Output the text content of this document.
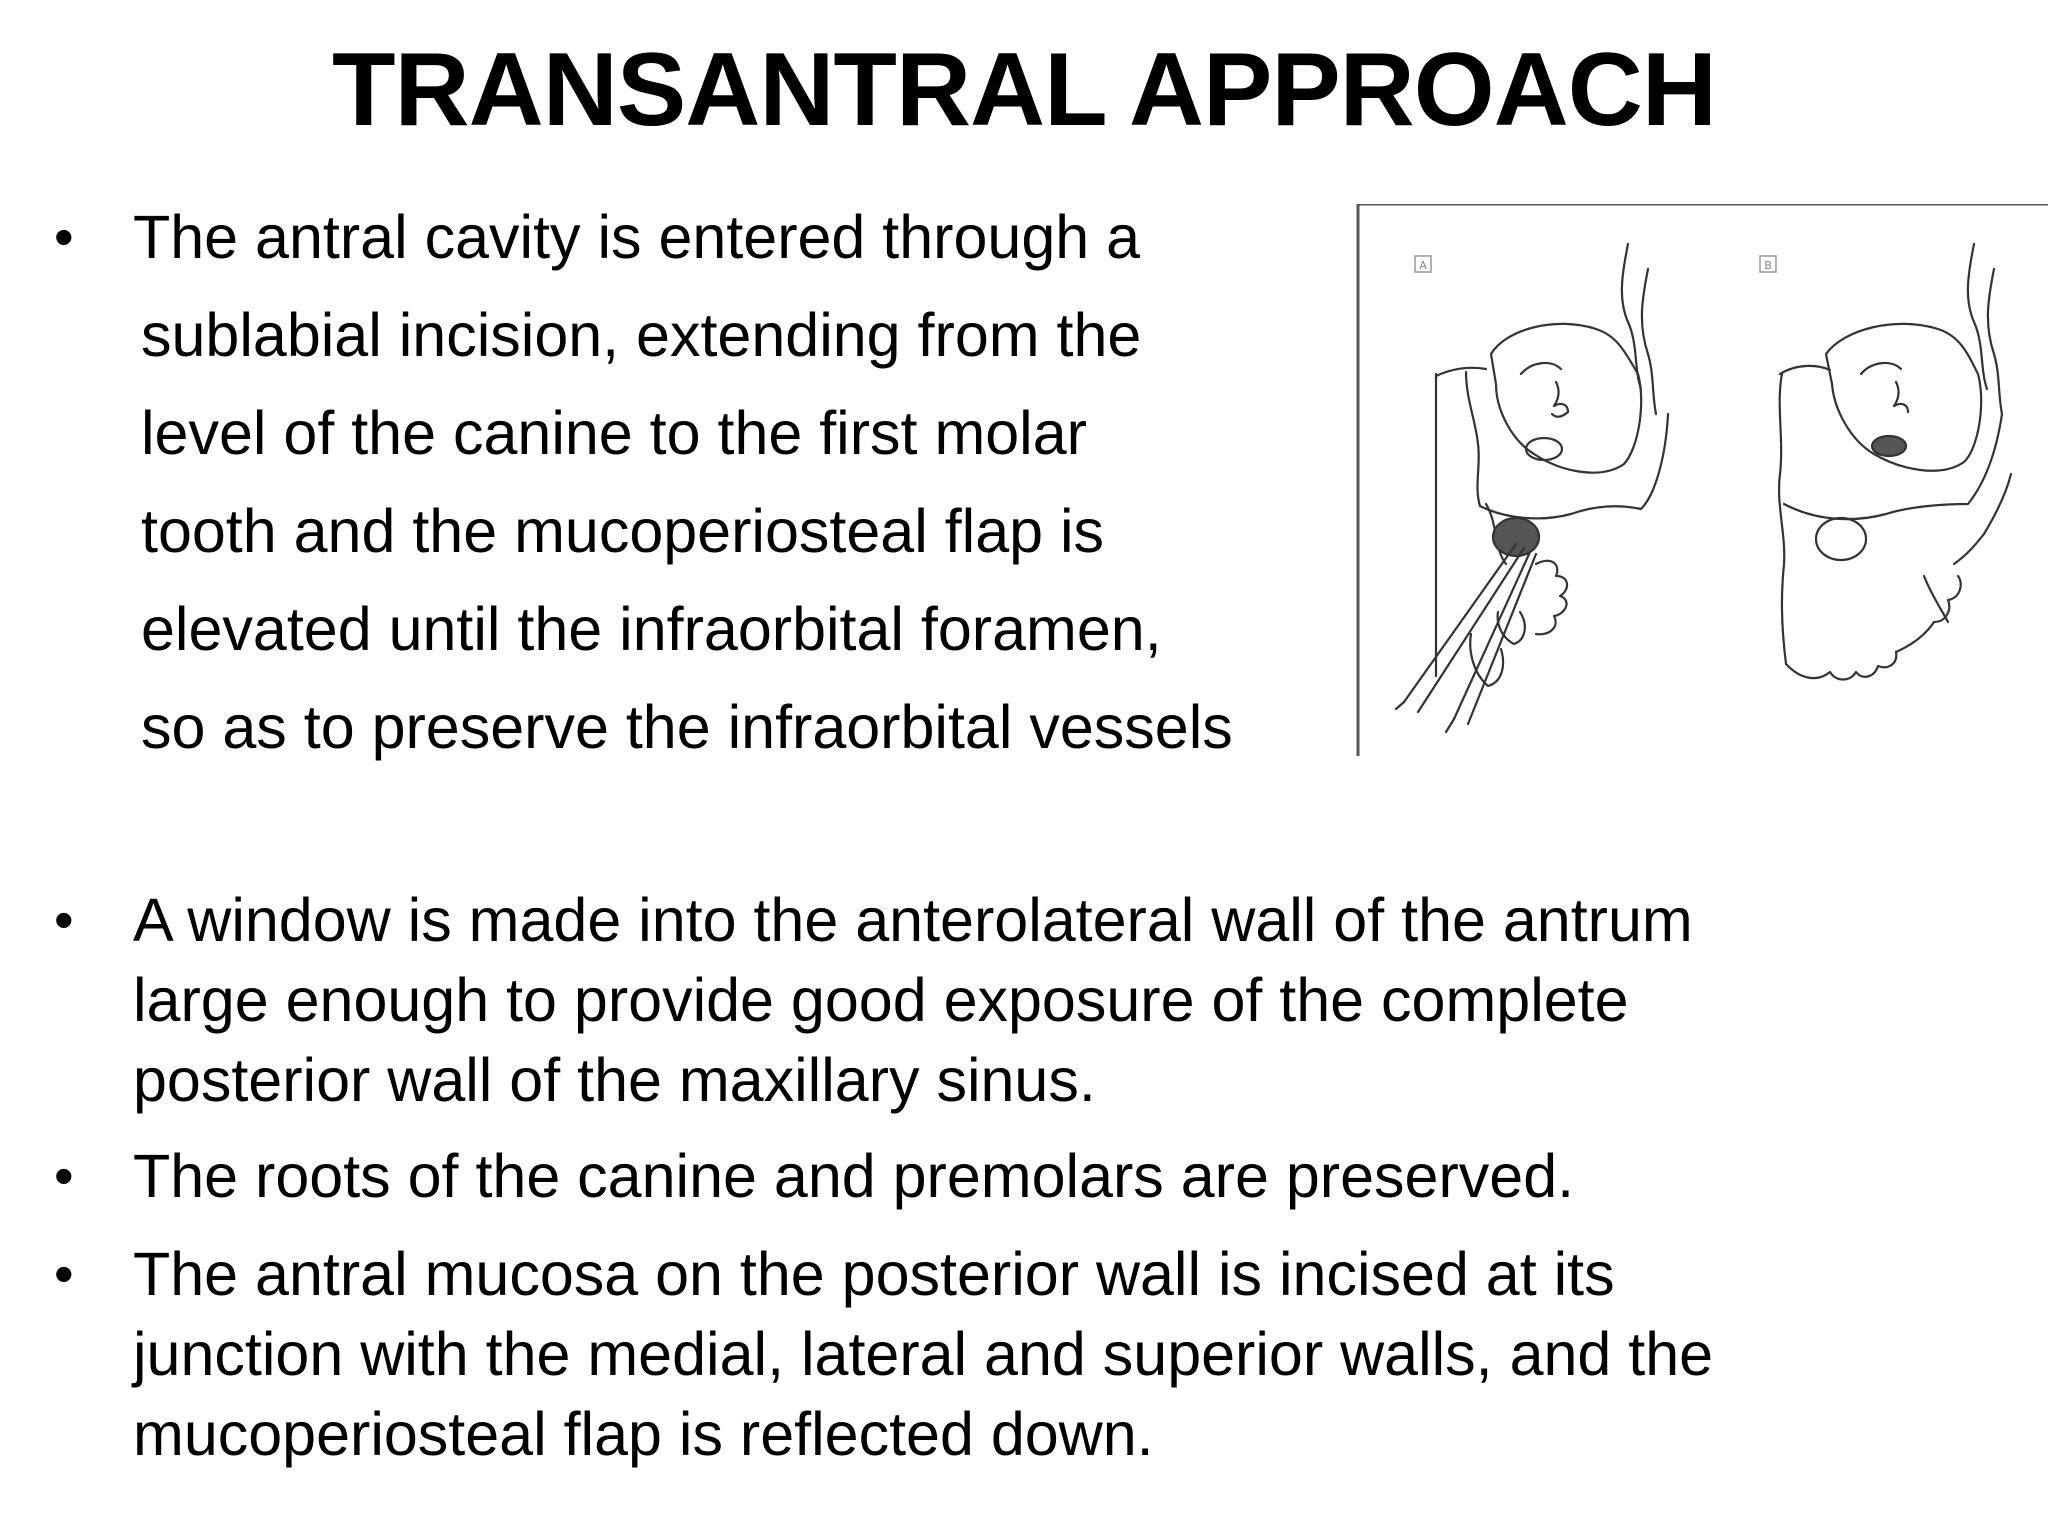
TRANSANTRAL APPROACH
• The antral cavity is entered through a
sublabial incision, extending from the
level of the canine to the first molar
tooth and the mucoperiosteal flap is
elevated until the infraorbital foramen,
so as to preserve the infraorbital vessels
• A window is made into the anterolateral wall of the antrum
large enough to provide good exposure of the complete
posterior wall of the maxillary sinus.
• The roots of the canine and premolars are preserved.
• The antral mucosa on the posterior wall is incised at its
junction with the medial, lateral and superior walls, and the
mucoperiosteal flap is reflected down.
A	B
